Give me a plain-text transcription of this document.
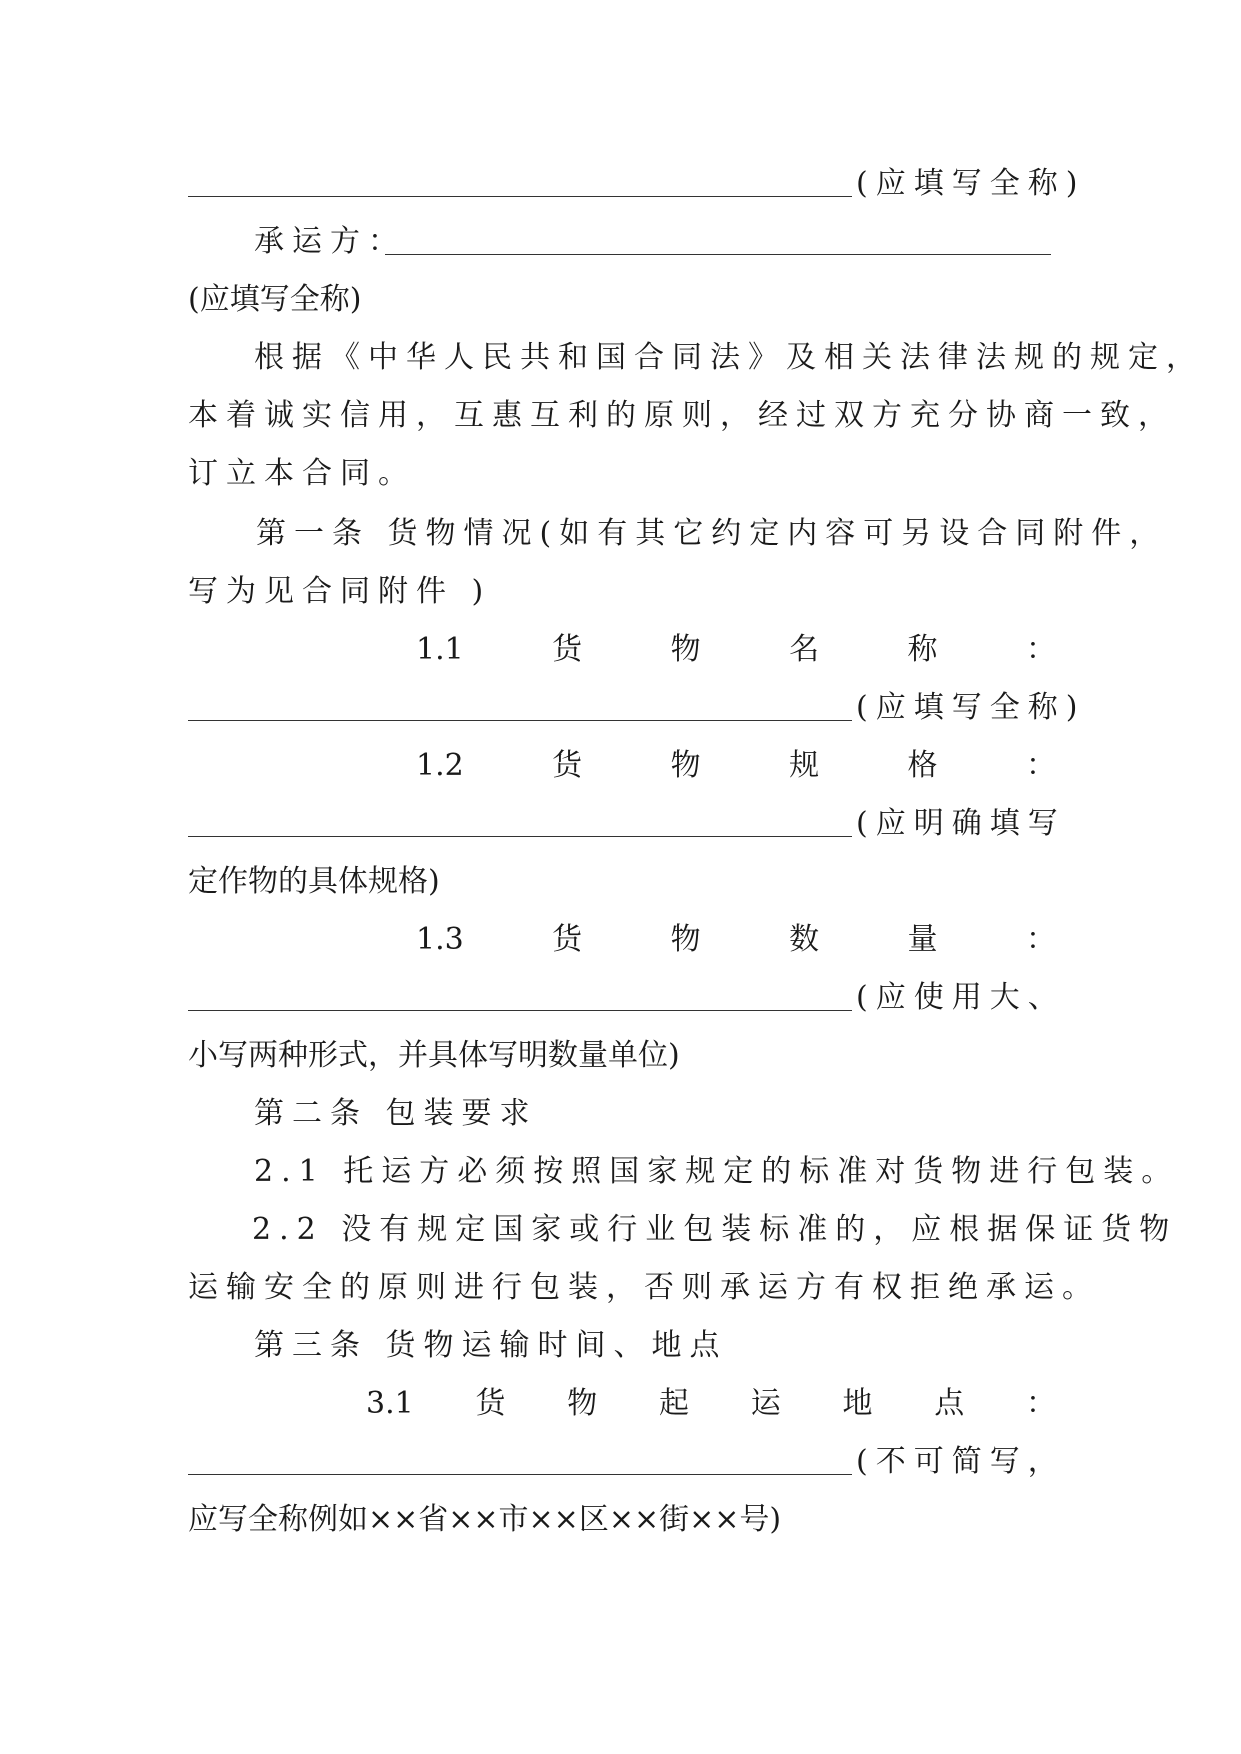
(应填写全称)
承运方：
(应填写全称)
根据《中华人民共和国合同法》及相关法律法规的规定，
本着诚实信用，互惠互利的原则，经过双方充分协商一致，
订立本合同。
第一条 货物情况(如有其它约定内容可另设合同附件，
写为见合同附件 )
1.1	货	物	名	称	：
(应填写全称)
1.2	货	物	规	格	：
(应明确填写
定作物的具体规格)
1.3	货	物	数	量	：
(应使用大、
小写两种形式，并具体写明数量单位)
第二条 包装要求
2.1 托运方必须按照国家规定的标准对货物进行包装。
2.2 没有规定国家或行业包装标准的，应根据保证货物
运输安全的原则进行包装，否则承运方有权拒绝承运。
第三条 货物运输时间、地点
3.1 货 物 起 运 地 点 ：
(不可简写，
应写全称例如××省××市××区××街××号)
